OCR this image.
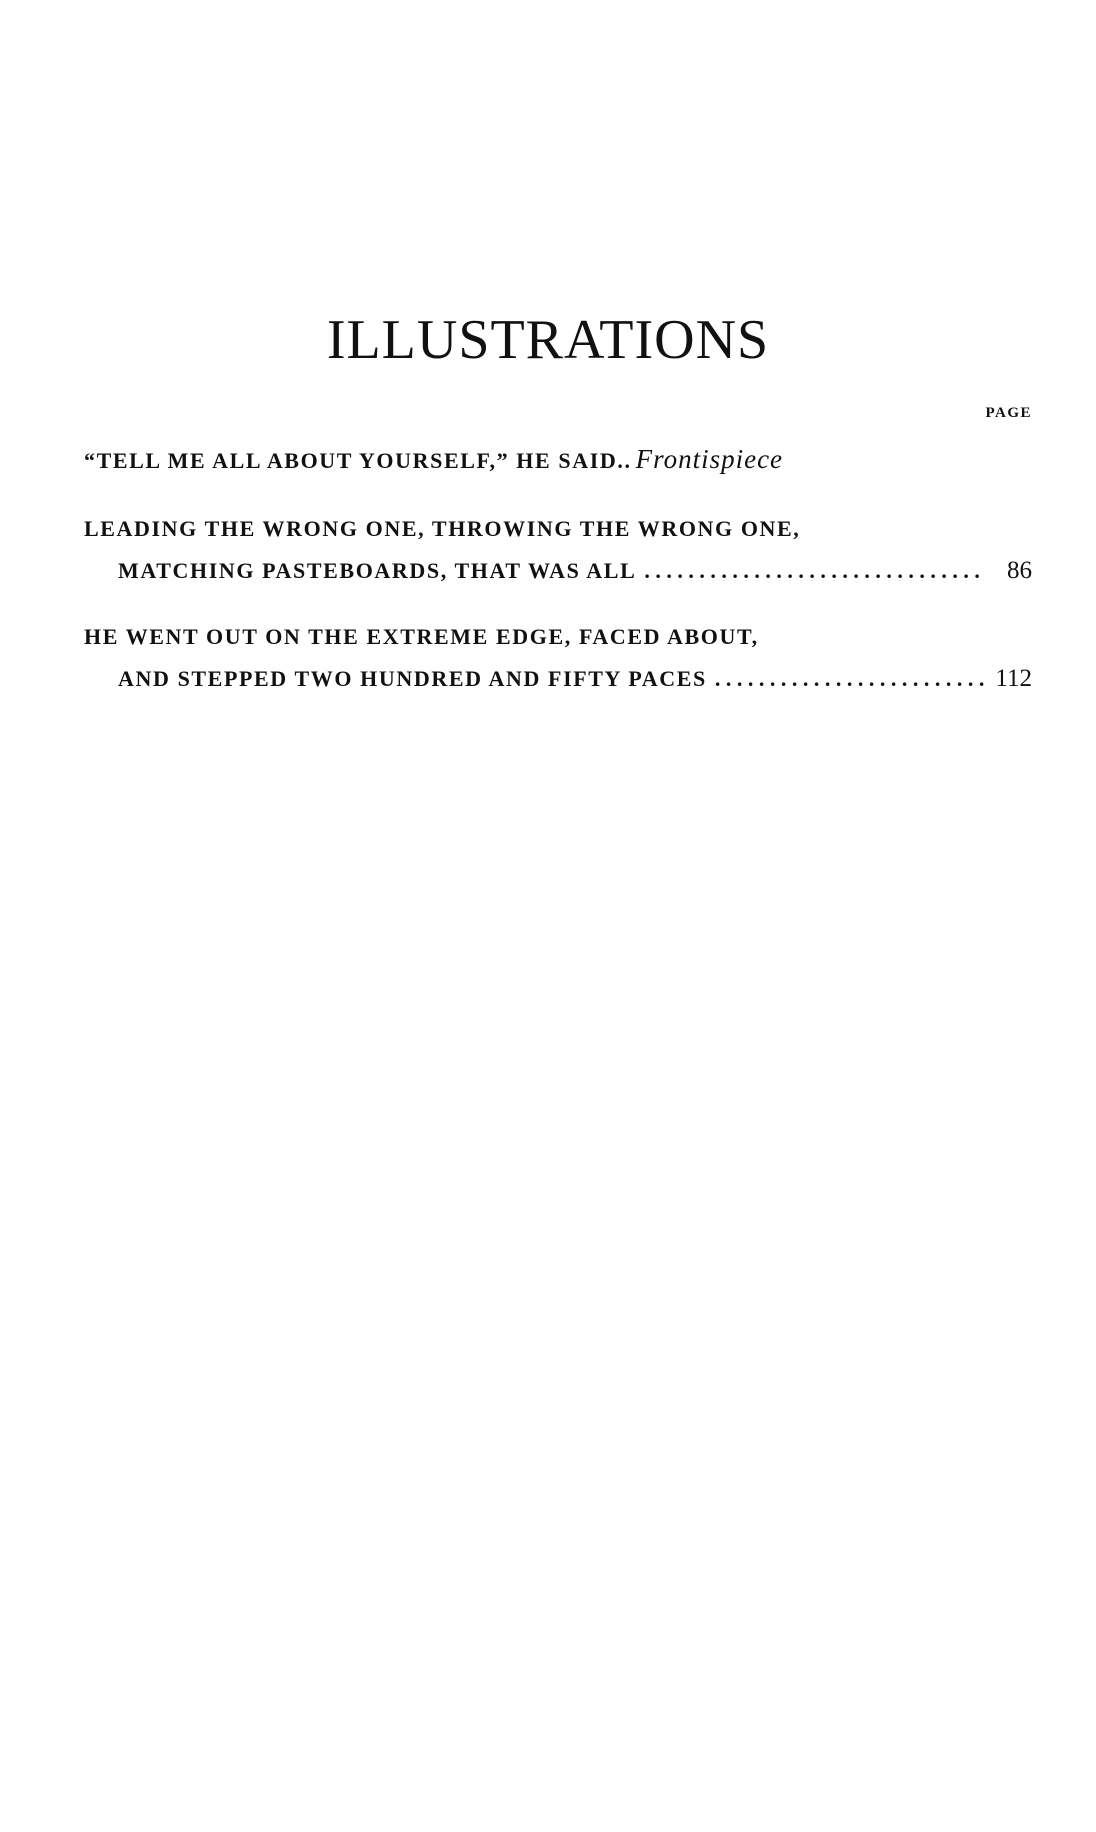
ILLUSTRATIONS
PAGE
“TELL ME ALL ABOUT YOURSELF,” HE SAID.. Frontispiece
LEADING THE WRONG ONE, THROWING THE WRONG ONE,
MATCHING PASTEBOARDS, THAT WAS ALL . . .	86
HE WENT OUT ON THE EXTREME EDGE, FACED ABOUT,
AND STEPPED TWO HUNDRED AND FIFTY PACES . . .	112
